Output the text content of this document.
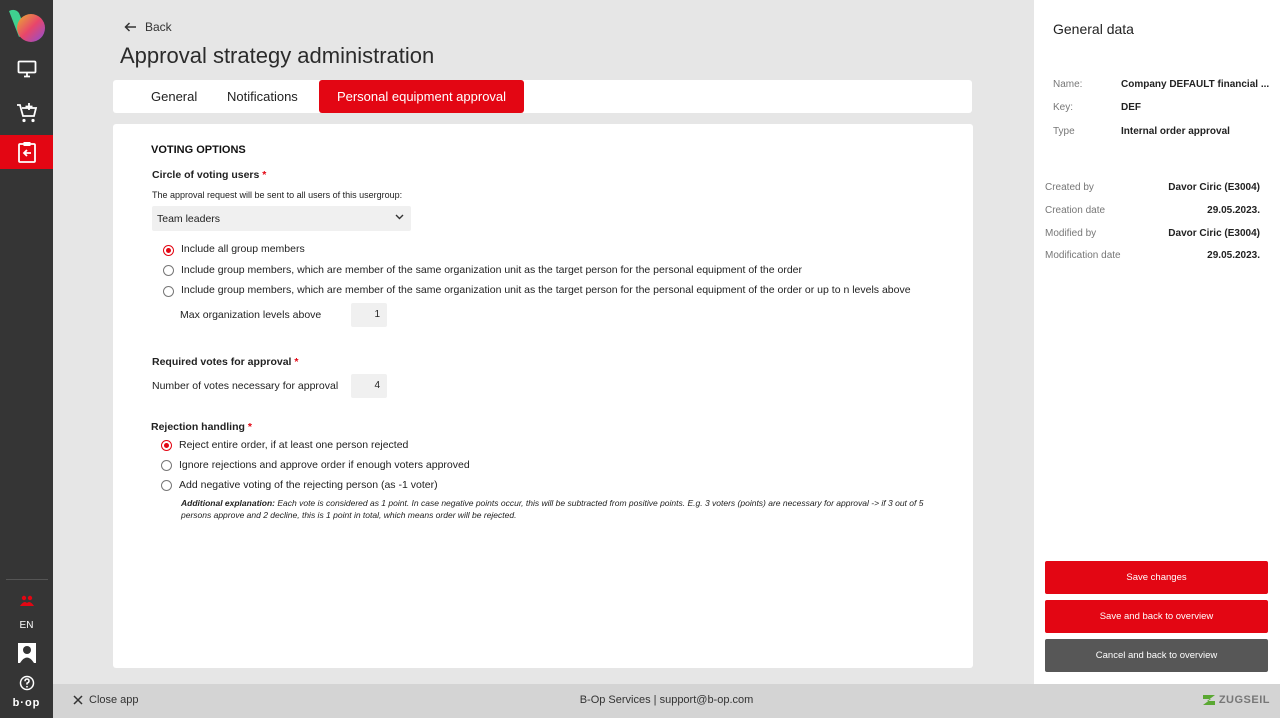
EN
b·op
Back
Approval strategy administration
General Notifications	Personal equipment approval
VOTING OPTIONS
Circle of voting users *
The approval request will be sent to all users of this usergroup:
Team leaders
Include all group members
Include group members, which are member of the same organization unit as the target person for the personal equipment of the order
Include group members, which are member of the same organization unit as the target person for the personal equipment of the order or up to n levels above
Max organization levels above	1
Required votes for approval *
Number of votes necessary for approval	4
Rejection handling *
Reject entire order, if at least one person rejected
Ignore rejections and approve order if enough voters approved
Add negative voting of the rejecting person (as -1 voter)
Additional explanation: Each vote is considered as 1 point. In case negative points occur, this will be subtracted from positive points. E.g. 3 voters (points) are necessary for approval -> if 3 out of 5 persons approve and 2 decline, this is 1 point in total, which means order will be rejected.
General data
Name:	Company DEFAULT financial ...
Key:	DEF
Type	Internal order approval
Created by	Davor Ciric (E3004)
Creation date	29.05.2023.
Modified by	Davor Ciric (E3004)
Modification date	29.05.2023.
Save changes
Save and back to overview
Cancel and back to overview
Close app	B-Op Services | support@b-op.com	ZUGSEIL
